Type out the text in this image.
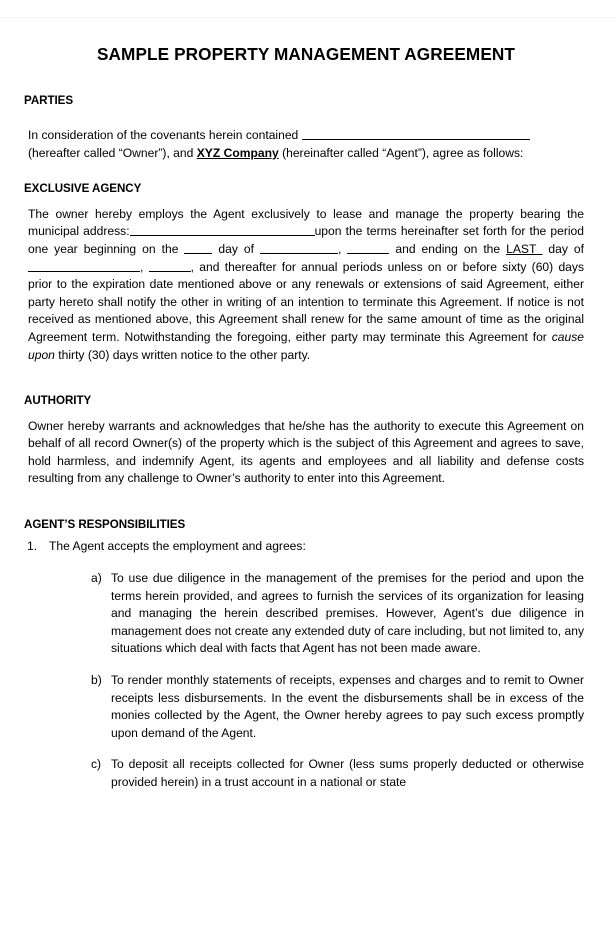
SAMPLE PROPERTY MANAGEMENT AGREEMENT
PARTIES
In consideration of the covenants herein contained
(hereafter called “Owner”), and XYZ Company (hereinafter called “Agent”), agree as follows:
EXCLUSIVE AGENCY
The owner hereby employs the Agent exclusively to lease and manage the property bearing the municipal address:	upon the terms hereinafter set forth for the period one year beginning on the  day of	,	and ending on the LAST  day of,	, and thereafter for annual periods unless on or before sixty (60) days prior to the expiration date mentioned above or any renewals or extensions of said Agreement, either party hereto shall notify the other in writing of an intention to terminate this Agreement. If notice is not received as mentioned above, this Agreement shall renew for the same amount of time as the original Agreement term. Notwithstanding the foregoing, either party may terminate this Agreement for cause upon thirty (30) days written notice to the other party.
AUTHORITY
Owner hereby warrants and acknowledges that he/she has the authority to execute this Agreement on behalf of all record Owner(s) of the property which is the subject of this Agreement and agrees to save, hold harmless, and indemnify Agent, its agents and employees and all liability and defense costs resulting from any challenge to Owner’s authority to enter into this Agreement.
AGENT’S RESPONSIBILITIES
1. The Agent accepts the employment and agrees:
a) To use due diligence in the management of the premises for the period and upon the terms herein provided, and agrees to furnish the services of its organization for leasing and managing the herein described premises. However, Agent’s due diligence in management does not create any extended duty of care including, but not limited to, any situations which deal with facts that Agent has not been made aware.
b) To render monthly statements of receipts, expenses and charges and to remit to Owner receipts less disbursements. In the event the disbursements shall be in excess of the monies collected by the Agent, the Owner hereby agrees to pay such excess promptly upon demand of the Agent.
c) To deposit all receipts collected for Owner (less sums properly deducted or otherwise provided herein) in a trust account in a national or state
